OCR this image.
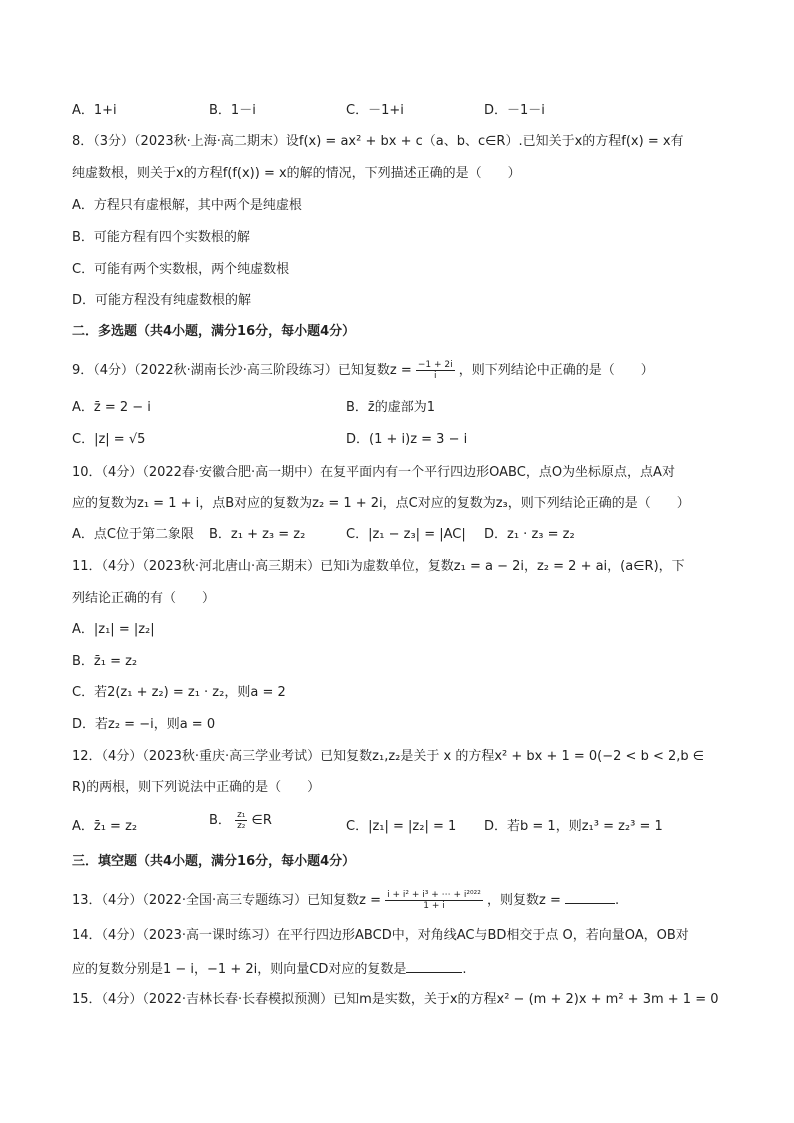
A．1+i	B．1－i	C．－1+i	D．－1－i
8．（3分）（2023秋·上海·高二期末）设f(x) = ax² + bx + c（a、b、c∈R）.已知关于x的方程f(x) = x有
纯虚数根，则关于x的方程f(f(x)) = x的解的情况，下列描述正确的是（　　）
A．方程只有虚根解，其中两个是纯虚根
B．可能方程有四个实数根的解
C．可能有两个实数根，两个纯虚数根
D．可能方程没有纯虚数根的解
二．多选题（共4小题，满分16分，每小题4分）
9．（4分）（2022秋·湖南长沙·高三阶段练习）已知复数$z = \frac{-1 + 2i}{i}$ ，则下列结论中正确的是（　　）
A．z̄ = 2 − i	B．z̄的虚部为1
C．|z| = √5	D．(1 + i)z = 3 − i
10．（4分）（2022春·安徽合肥·高一期中）在复平面内有一个平行四边形OABC，点O为坐标原点，点A对
应的复数为z₁ = 1 + i，点B对应的复数为z₂ = 1 + 2i，点C对应的复数为z₃，则下列结论正确的是（　　）
A．点C位于第二象限 B．z₁ + z₃ = z₂	C．|z₁ − z₃| = |AC| D．z₁ · z₃ = z₂
11．（4分）（2023秋·河北唐山·高三期末）已知i为虚数单位，复数z₁ = a − 2i，z₂ = 2 + ai，(a∈R)，下
列结论正确的有（　　）
A．|z₁| = |z₂|
B．z̄₁ = z₂
C．若2(z₁ + z₂) = z₁ · z₂，则a = 2
D．若z₂ = −i，则a = 0
12．（4分）（2023秋·重庆·高三学业考试）已知复数z₁,z₂是关于 x 的方程x² + bx + 1 = 0(−2 < b < 2,b ∈
R)的两根，则下列说法中正确的是（　　）
A．z̄₁ = z₂	B． $\frac{\text{z₁}}{\text{z₂}}$ ∈R	C．|z₁| = |z₂| = 1 D．若b = 1，则z₁³ = z₂³ = 1
三．填空题（共4小题，满分16分，每小题4分）
13．（4分）（2022·全国·高三专题练习）已知复数$z = \frac{\text{i + i² + i³ + ⋯ + i²⁰²²}}{1 + i}$ ，则复数z =	.
14．（4分）（2023·高一课时练习）在平行四边形ABCD中，对角线AC与BD相交于点 O，若向量OA，OB对
应的复数分别是1 − i，−1 + 2i，则向量CD对应的复数是	.
15．（4分）（2022·吉林长春·长春模拟预测）已知m是实数，关于x的方程x² − (m + 2)x + m² + 3m + 1 = 0
